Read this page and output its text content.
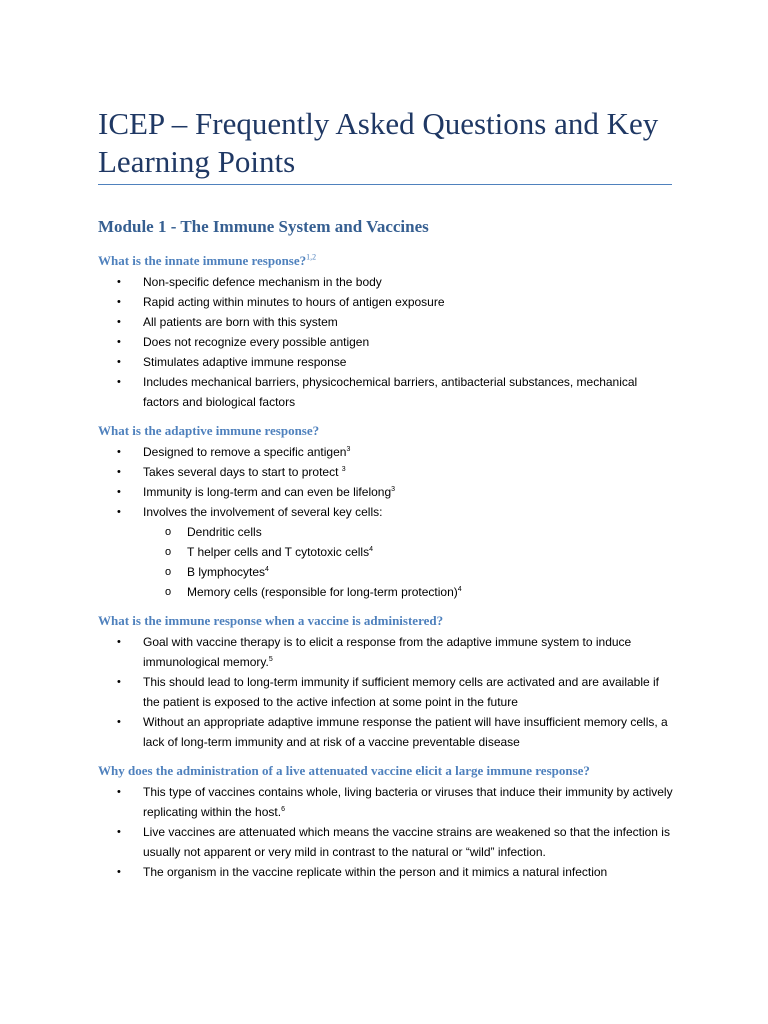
ICEP – Frequently Asked Questions and Key Learning Points
Module 1 - The Immune System and Vaccines
What is the innate immune response?$^{1,2}$
• Non-specific defence mechanism in the body
• Rapid acting within minutes to hours of antigen exposure
• All patients are born with this system
• Does not recognize every possible antigen
• Stimulates adaptive immune response
• Includes mechanical barriers, physicochemical barriers, antibacterial substances, mechanical factors and biological factors
What is the adaptive immune response?
• Designed to remove a specific antigen$^3$
• Takes several days to start to protect $^3$
• Immunity is long-term and can even be lifelong$^3$
• Involves the involvement of several key cells:
o Dendritic cells
o T helper cells and T cytotoxic cells$^4$
o B lymphocytes$^4$
o Memory cells (responsible for long-term protection)$^4$
What is the immune response when a vaccine is administered?
• Goal with vaccine therapy is to elicit a response from the adaptive immune system to induce immunological memory.$^5$
• This should lead to long-term immunity if sufficient memory cells are activated and are available if the patient is exposed to the active infection at some point in the future
• Without an appropriate adaptive immune response the patient will have insufficient memory cells, a lack of long-term immunity and at risk of a vaccine preventable disease
Why does the administration of a live attenuated vaccine elicit a large immune response?
• This type of vaccines contains whole, living bacteria or viruses that induce their immunity by actively replicating within the host.$^6$
• Live vaccines are attenuated which means the vaccine strains are weakened so that the infection is usually not apparent or very mild in contrast to the natural or “wild” infection.
• The organism in the vaccine replicate within the person and it mimics a natural infection
